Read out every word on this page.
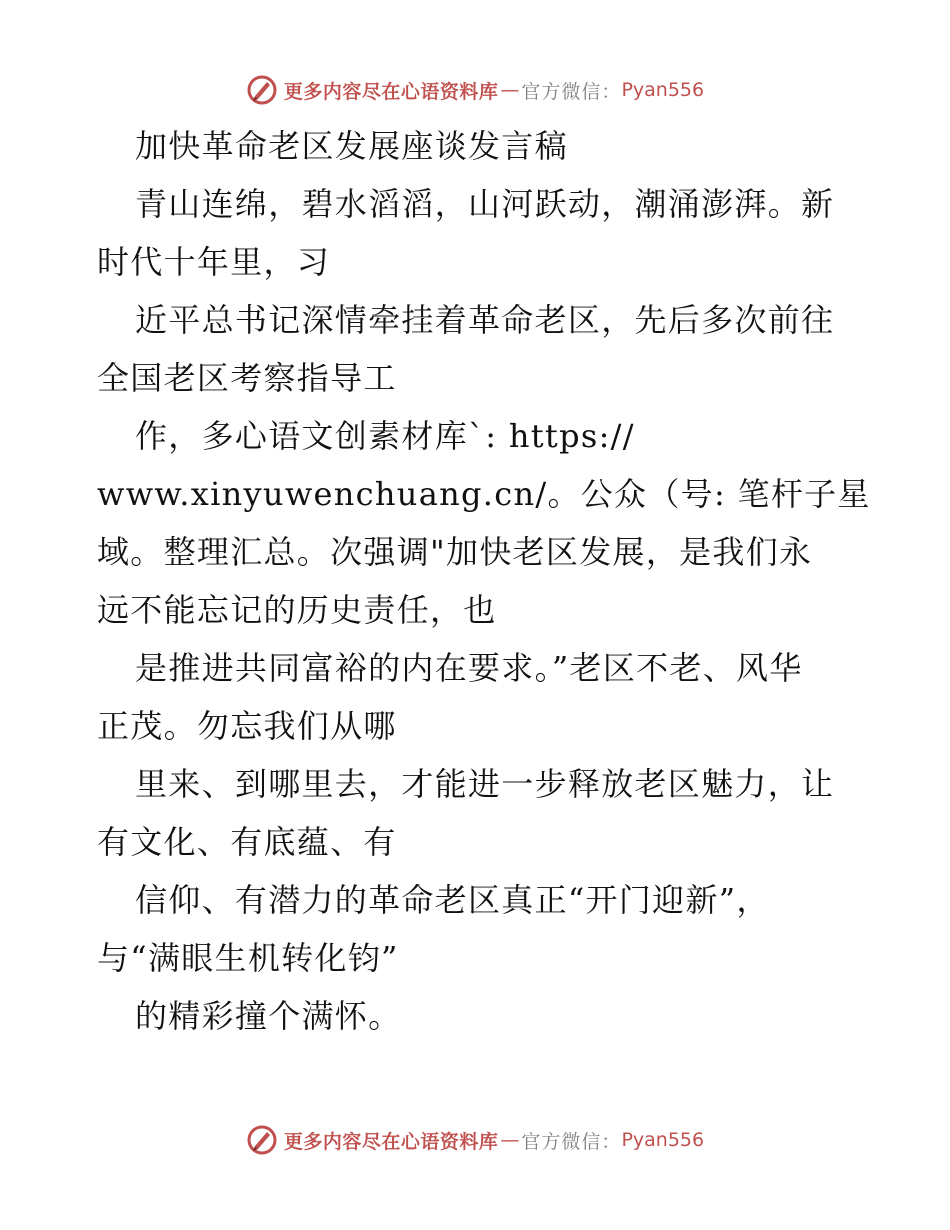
更多内容尽在心语资料库 — 官方微信： Pyan556
加快革命老区发展座谈发言稿
青山连绵，碧水滔滔，山河跃动，潮涌澎湃。新
时代十年里，习
近平总书记深情牵挂着革命老区，先后多次前往
全国老区考察指导工
作，多心语文创素材库`: https://
www.xinyuwenchuang.cn/。公众（号: 笔杆子星
域。整理汇总。次强调"加快老区发展，是我们永
远不能忘记的历史责任，也
是推进共同富裕的内在要求。”老区不老、风华
正茂。勿忘我们从哪
里来、到哪里去，才能进一步释放老区魅力，让
有文化、有底蕴、有
信仰、有潜力的革命老区真正“开门迎新”，
与“满眼生机转化钧”
的精彩撞个满怀。
更多内容尽在心语资料库 — 官方微信： Pyan556
